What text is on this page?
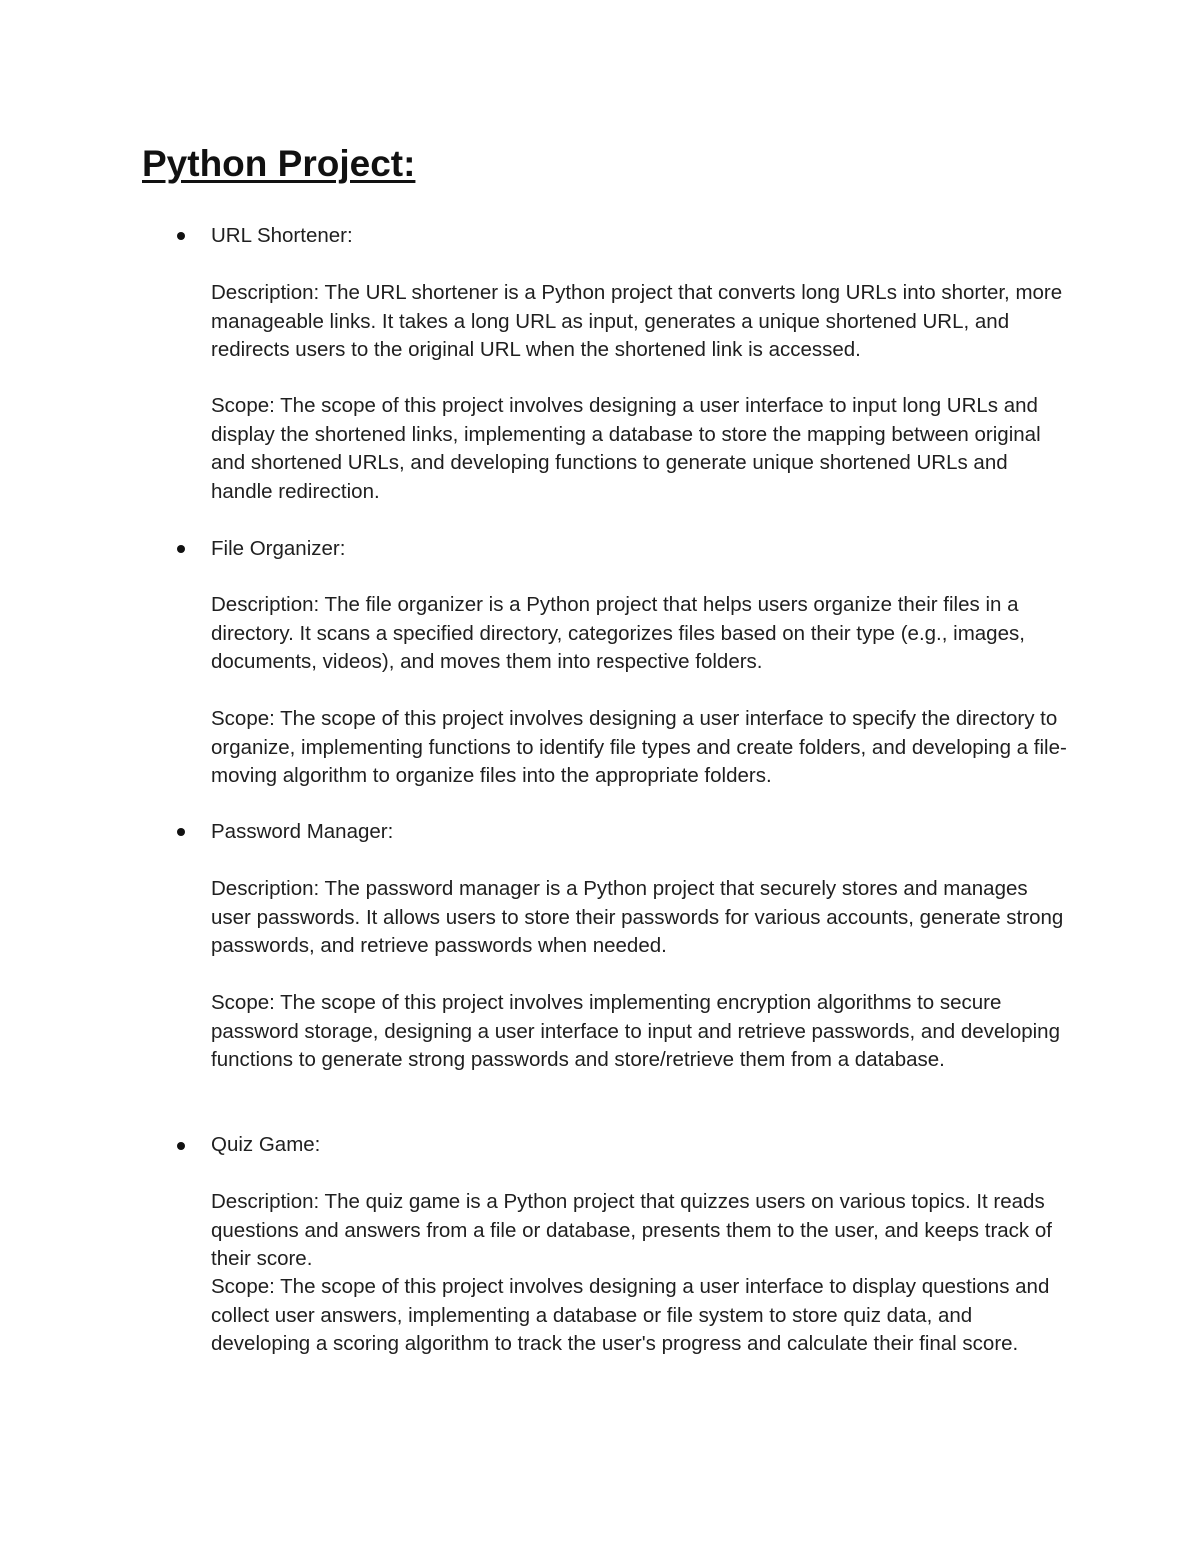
Python Project:

URL Shortener:

Description: The URL shortener is a Python project that converts long URLs into shorter, more manageable links. It takes a long URL as input, generates a unique shortened URL, and redirects users to the original URL when the shortened link is accessed.

Scope: The scope of this project involves designing a user interface to input long URLs and display the shortened links, implementing a database to store the mapping between original and shortened URLs, and developing functions to generate unique shortened URLs and handle redirection.

File Organizer:

Description: The file organizer is a Python project that helps users organize their files in a directory. It scans a specified directory, categorizes files based on their type (e.g., images, documents, videos), and moves them into respective folders.

Scope: The scope of this project involves designing a user interface to specify the directory to organize, implementing functions to identify file types and create folders, and developing a file-moving algorithm to organize files into the appropriate folders.

Password Manager:

Description: The password manager is a Python project that securely stores and manages user passwords. It allows users to store their passwords for various accounts, generate strong passwords, and retrieve passwords when needed.

Scope: The scope of this project involves implementing encryption algorithms to secure password storage, designing a user interface to input and retrieve passwords, and developing functions to generate strong passwords and store/retrieve them from a database.

Quiz Game:

Description: The quiz game is a Python project that quizzes users on various topics. It reads questions and answers from a file or database, presents them to the user, and keeps track of their score.

Scope: The scope of this project involves designing a user interface to display questions and collect user answers, implementing a database or file system to store quiz data, and developing a scoring algorithm to track the user's progress and calculate their final score.
